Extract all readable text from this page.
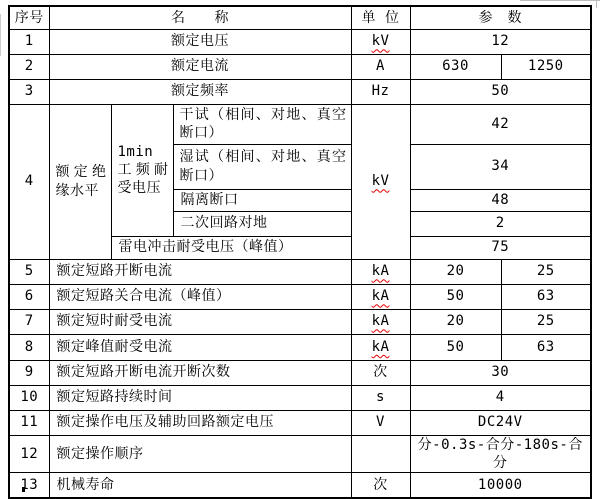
序号	名　　称			单 位	参　数	
1	额定电压			kV	12	
2	额定电流			A	630	1250
3	额定频率			Hz	50	
4	额定绝缘水平	1min 工频耐受电压	干试（相间、对地、真空断口）	kV	42	
			湿试（相间、对地、真空断口）		34	
			隔离断口		48	
			二次回路对地		2	
		雷电冲击耐受电压（峰值）			75	
5	额定短路开断电流			kA	20	25
6	额定短路关合电流（峰值）			kA	50	63
7	额定短时耐受电流			kA	20	25
8	额定峰值耐受电流			kA	50	63
9	额定短路开断电流开断次数			次	30	
10	额定短路持续时间			s	4	
11	额定操作电压及辅助回路额定电压			V	DC24V	
12	额定操作顺序				分-0.3s-合分-180s-合分	
13	机械寿命			次	10000	
